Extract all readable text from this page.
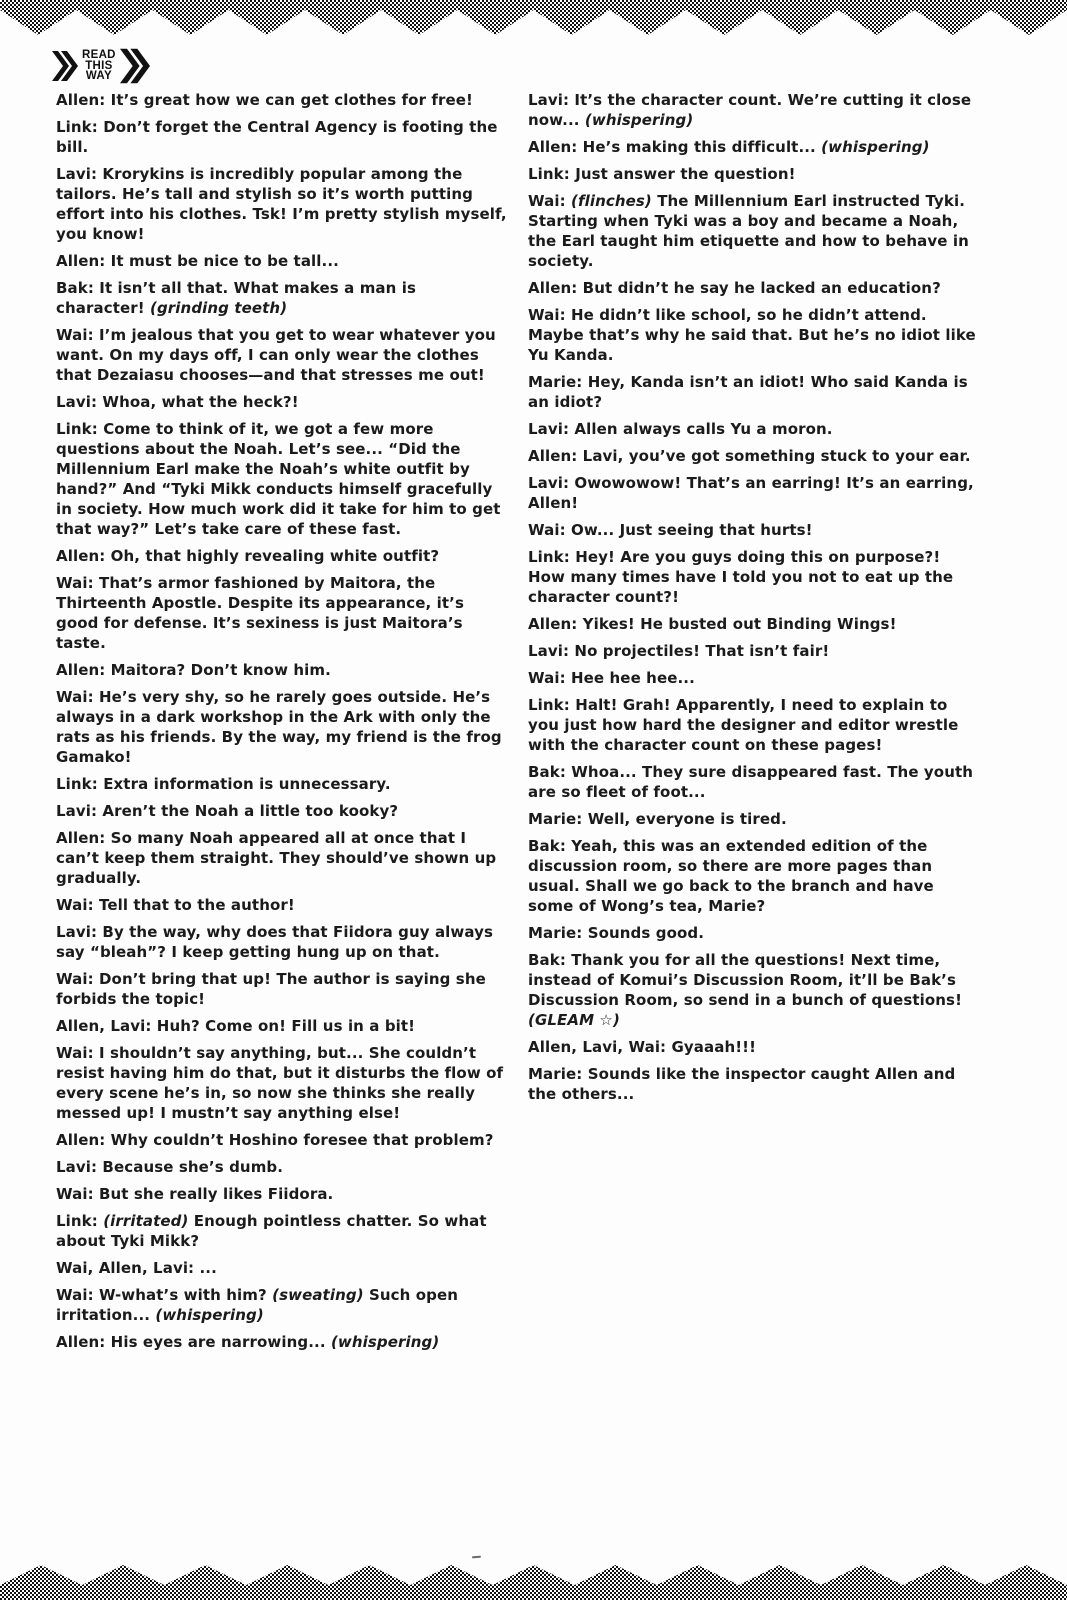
READ
THIS
WAY
Allen: It’s great how we can get clothes for free!
Link: Don’t forget the Central Agency is footing the bill.
Lavi: Krorykins is incredibly popular among the tailors. He’s tall and stylish so it’s worth putting effort into his clothes. Tsk! I’m pretty stylish myself, you know!
Allen: It must be nice to be tall...
Bak: It isn’t all that. What makes a man is character! (grinding teeth)
Wai: I’m jealous that you get to wear whatever you want. On my days off, I can only wear the clothes that Dezaiasu chooses—and that stresses me out!
Lavi: Whoa, what the heck?!
Link: Come to think of it, we got a few more questions about the Noah. Let’s see... “Did the Millennium Earl make the Noah’s white outfit by hand?” And “Tyki Mikk conducts himself gracefully in society. How much work did it take for him to get that way?” Let’s take care of these fast.
Allen: Oh, that highly revealing white outfit?
Wai: That’s armor fashioned by Maitora, the Thirteenth Apostle. Despite its appearance, it’s good for defense. It’s sexiness is just Maitora’s taste.
Allen: Maitora? Don’t know him.
Wai: He’s very shy, so he rarely goes outside. He’s always in a dark workshop in the Ark with only the rats as his friends. By the way, my friend is the frog Gamako!
Link: Extra information is unnecessary.
Lavi: Aren’t the Noah a little too kooky?
Allen: So many Noah appeared all at once that I can’t keep them straight. They should’ve shown up gradually.
Wai: Tell that to the author!
Lavi: By the way, why does that Fiidora guy always say “bleah”? I keep getting hung up on that.
Wai: Don’t bring that up! The author is saying she forbids the topic!
Allen, Lavi: Huh? Come on! Fill us in a bit!
Wai: I shouldn’t say anything, but... She couldn’t resist having him do that, but it disturbs the flow of every scene he’s in, so now she thinks she really messed up! I mustn’t say anything else!
Allen: Why couldn’t Hoshino foresee that problem?
Lavi: Because she’s dumb.
Wai: But she really likes Fiidora.
Link: (irritated) Enough pointless chatter. So what about Tyki Mikk?
Wai, Allen, Lavi: ...
Wai: W-what’s with him? (sweating) Such open irritation... (whispering)
Allen: His eyes are narrowing... (whispering)
Lavi: It’s the character count. We’re cutting it close now... (whispering)
Allen: He’s making this difficult... (whispering)
Link: Just answer the question!
Wai: (flinches) The Millennium Earl instructed Tyki. Starting when Tyki was a boy and became a Noah, the Earl taught him etiquette and how to behave in society.
Allen: But didn’t he say he lacked an education?
Wai: He didn’t like school, so he didn’t attend. Maybe that’s why he said that. But he’s no idiot like Yu Kanda.
Marie: Hey, Kanda isn’t an idiot! Who said Kanda is an idiot?
Lavi: Allen always calls Yu a moron.
Allen: Lavi, you’ve got something stuck to your ear.
Lavi: Owowowow! That’s an earring! It’s an earring, Allen!
Wai: Ow... Just seeing that hurts!
Link: Hey! Are you guys doing this on purpose?! How many times have I told you not to eat up the character count?!
Allen: Yikes! He busted out Binding Wings!
Lavi: No projectiles! That isn’t fair!
Wai: Hee hee hee...
Link: Halt! Grah! Apparently, I need to explain to you just how hard the designer and editor wrestle with the character count on these pages!
Bak: Whoa... They sure disappeared fast. The youth are so fleet of foot...
Marie: Well, everyone is tired.
Bak: Yeah, this was an extended edition of the discussion room, so there are more pages than usual. Shall we go back to the branch and have some of Wong’s tea, Marie?
Marie: Sounds good.
Bak: Thank you for all the questions! Next time, instead of Komui’s Discussion Room, it’ll be Bak’s Discussion Room, so send in a bunch of questions! (GLEAM ☆)
Allen, Lavi, Wai: Gyaaah!!!
Marie: Sounds like the inspector caught Allen and the others...
